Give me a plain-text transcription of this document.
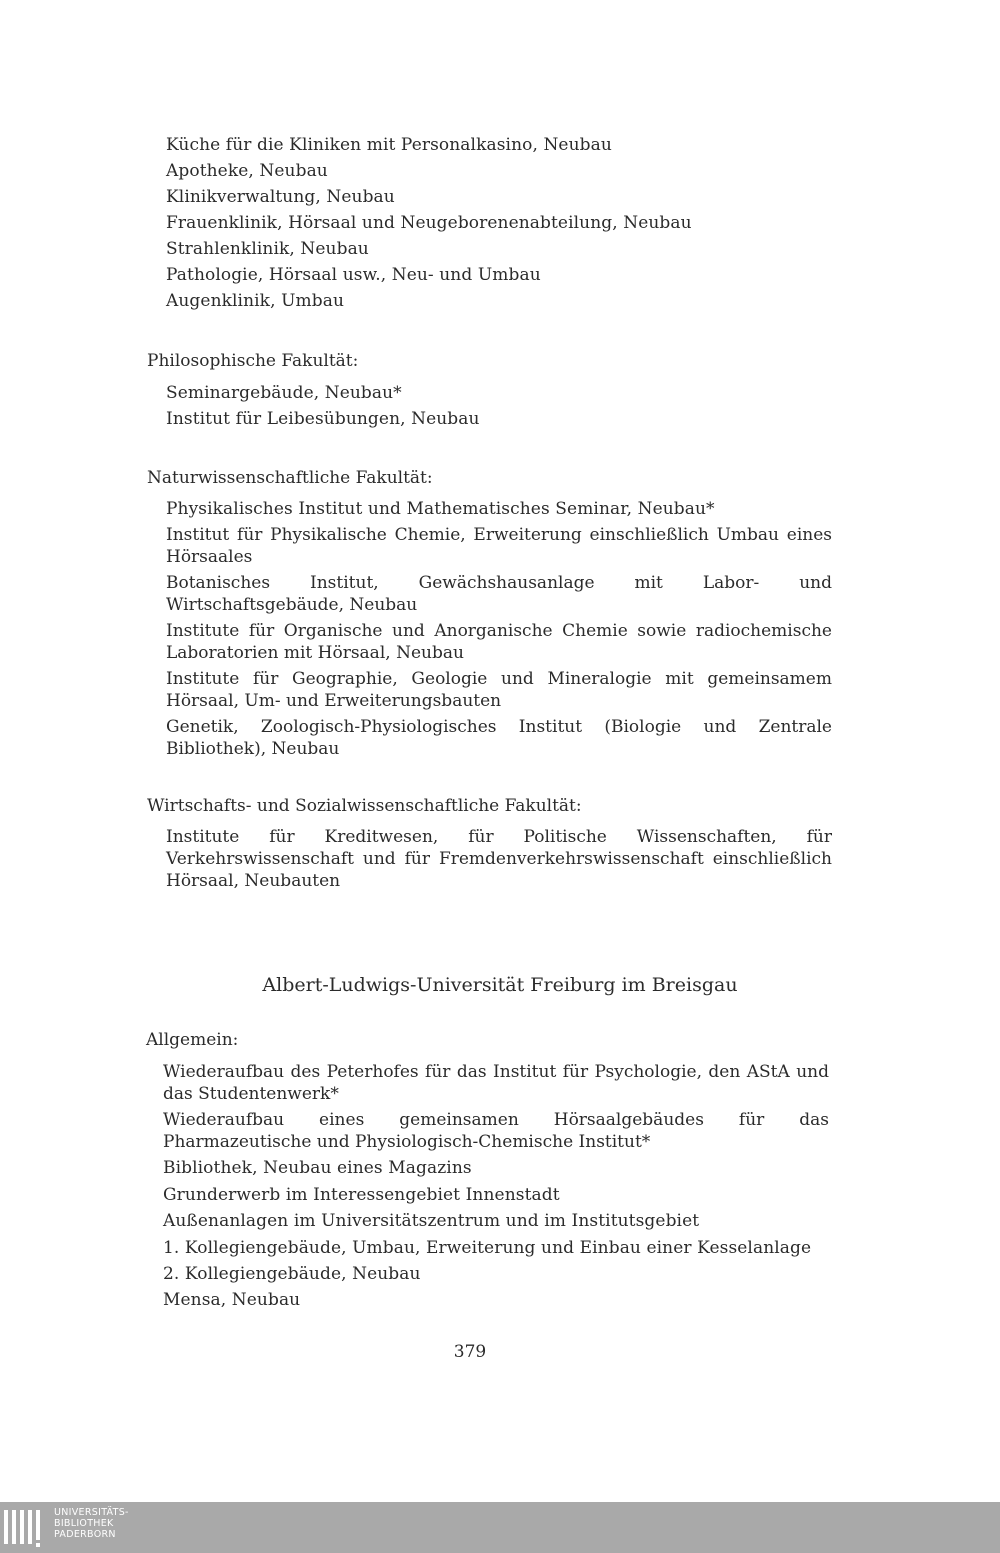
Küche für die Kliniken mit Personalkasino, Neubau
Apotheke, Neubau
Klinikverwaltung, Neubau
Frauenklinik, Hörsaal und Neugeborenenabteilung, Neubau
Strahlenklinik, Neubau
Pathologie, Hörsaal usw., Neu- und Umbau
Augenklinik, Umbau
Philosophische Fakultät:
Seminargebäude, Neubau*
Institut für Leibesübungen, Neubau
Naturwissenschaftliche Fakultät:
Physikalisches Institut und Mathematisches Seminar, Neubau*
Institut für Physikalische Chemie, Erweiterung einschließlich Umbau eines Hörsaales
Botanisches Institut, Gewächshausanlage mit Labor- und Wirtschaftsgebäude, Neubau
Institute für Organische und Anorganische Chemie sowie radiochemische Laboratorien mit Hörsaal, Neubau
Institute für Geographie, Geologie und Mineralogie mit gemeinsamem Hörsaal, Um- und Erweiterungsbauten
Genetik, Zoologisch-Physiologisches Institut (Biologie und Zentrale Bibliothek), Neubau
Wirtschafts- und Sozialwissenschaftliche Fakultät:
Institute für Kreditwesen, für Politische Wissenschaften, für Verkehrswissenschaft und für Fremdenverkehrswissenschaft einschließlich Hörsaal, Neubauten
Albert-Ludwigs-Universität Freiburg im Breisgau
Allgemein:
Wiederaufbau des Peterhofes für das Institut für Psychologie, den AStA und das Studentenwerk*
Wiederaufbau eines gemeinsamen Hörsaalgebäudes für das Pharmazeutische und Physiologisch-Chemische Institut*
Bibliothek, Neubau eines Magazins
Grunderwerb im Interessengebiet Innenstadt
Außenanlagen im Universitätszentrum und im Institutsgebiet
1. Kollegiengebäude, Umbau, Erweiterung und Einbau einer Kesselanlage
2. Kollegiengebäude, Neubau
Mensa, Neubau
379
UNIVERSITÄTS-
BIBLIOTHEK
PADERBORN
